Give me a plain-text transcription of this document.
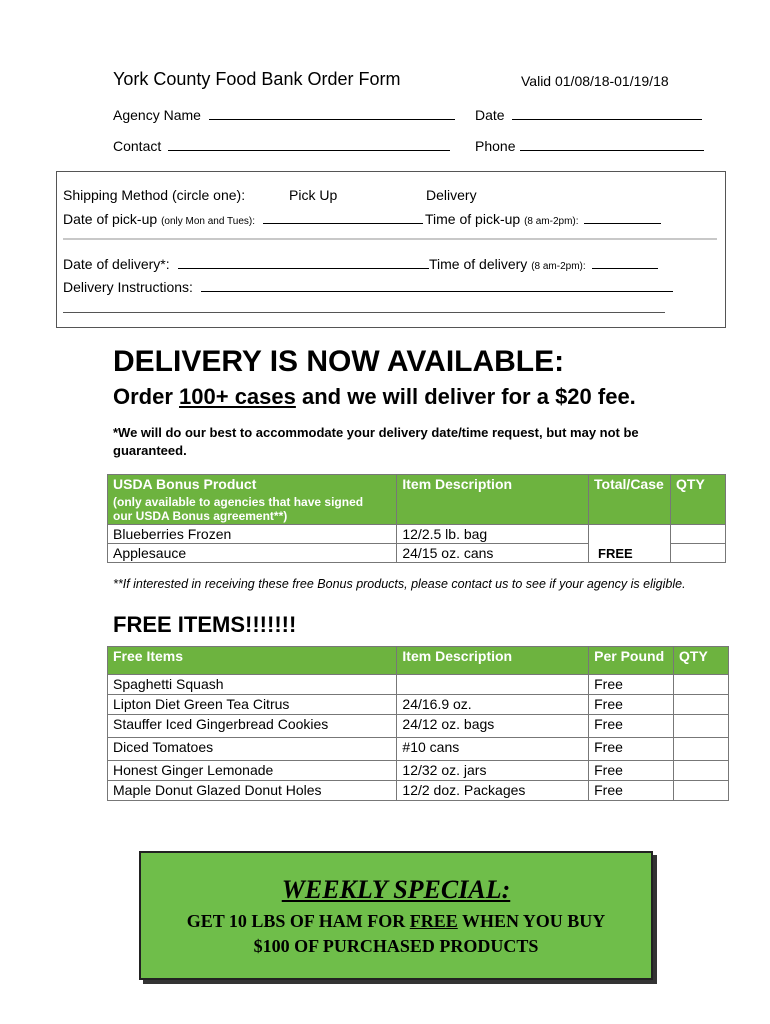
York County Food Bank Order Form	Valid 01/08/18-01/19/18
Agency Name	Date
Contact	Phone
Shipping Method (circle one):	Pick Up	Delivery
Date of pick-up (only Mon and Tues):	Time of pick-up (8 am-2pm):
Date of delivery*:	Time of delivery (8 am-2pm):
Delivery Instructions:
DELIVERY IS NOW AVAILABLE:
Order 100+ cases and we will deliver for a $20 fee.
*We will do our best to accommodate your delivery date/time request, but may not be
guaranteed.
USDA Bonus Product
(only available to agencies that have signed
our USDA Bonus agreement**)	Item Description	Total/Case	QTY
Blueberries Frozen	12/2.5 lb. bag	FREE	
Applesauce	24/15 oz. cans		
**If interested in receiving these free Bonus products, please contact us to see if your agency is eligible.
FREE ITEMS!!!!!!!
Free Items	Item Description	Per Pound	QTY
Spaghetti Squash		Free	
Lipton Diet Green Tea Citrus	24/16.9 oz.	Free	
Stauffer Iced Gingerbread Cookies	24/12 oz. bags	Free	
Diced Tomatoes	#10 cans	Free	
Honest Ginger Lemonade	12/32 oz. jars	Free	
Maple Donut Glazed Donut Holes	12/2 doz. Packages	Free	
WEEKLY SPECIAL:
GET 10 LBS OF HAM FOR FREE WHEN YOU BUY
$100 OF PURCHASED PRODUCTS
